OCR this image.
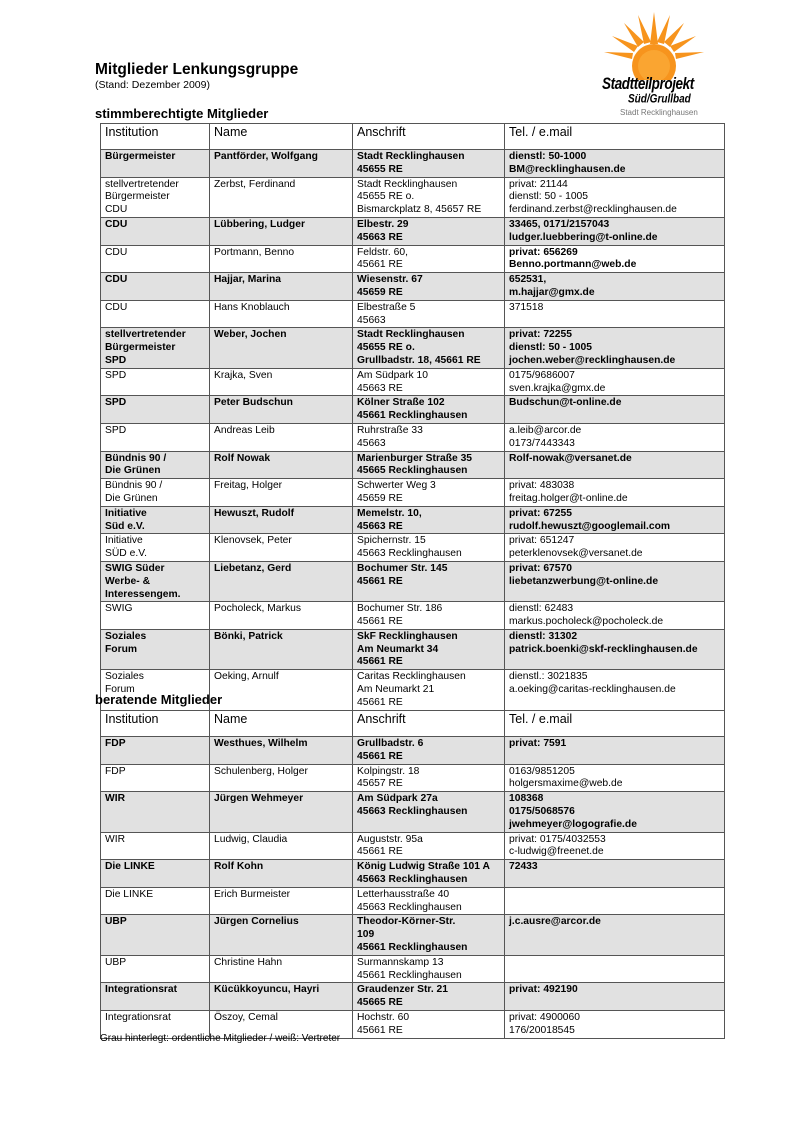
Mitglieder Lenkungsgruppe
(Stand: Dezember 2009)	Stadtteilprojekt
Süd/Grullbad
Stadt Recklinghausen
stimmberechtigte Mitglieder
Institution	Name	Anschrift	Tel. / e.mail
Bürgermeister	Pantförder, Wolfgang	Stadt Recklinghausen
45655 RE	dienstl: 50-1000
BM@recklinghausen.de
stellvertretender
Bürgermeister
CDU	Zerbst, Ferdinand	Stadt Recklinghausen
45655 RE o.
Bismarckplatz 8, 45657 RE	privat: 21144
dienstl: 50 - 1005
ferdinand.zerbst@recklinghausen.de
CDU	Lübbering, Ludger	Elbestr. 29
45663 RE	33465, 0171/2157043
ludger.luebbering@t-online.de
CDU	Portmann, Benno	Feldstr. 60,
45661 RE	privat: 656269
Benno.portmann@web.de
CDU	Hajjar, Marina	Wiesenstr. 67
45659 RE	652531,
m.hajjar@gmx.de
CDU	Hans Knoblauch	Elbestraße 5
45663	371518
stellvertretender
Bürgermeister
SPD	Weber, Jochen	Stadt Recklinghausen
45655 RE o.
Grullbadstr. 18, 45661 RE	privat: 72255
dienstl: 50 - 1005
jochen.weber@recklinghausen.de
SPD	Krajka, Sven	Am Südpark 10
45663 RE	0175/9686007
sven.krajka@gmx.de
SPD	Peter Budschun	Kölner Straße 102
45661 Recklinghausen	Budschun@t-online.de
SPD	Andreas Leib	Ruhrstraße 33
45663	a.leib@arcor.de
0173/7443343
Bündnis 90 /
Die Grünen	Rolf Nowak	Marienburger Straße 35
45665 Recklinghausen	Rolf-nowak@versanet.de
Bündnis 90 /
Die Grünen	Freitag, Holger	Schwerter Weg 3
45659 RE	privat: 483038
freitag.holger@t-online.de
Initiative
Süd e.V.	Hewuszt, Rudolf	Memelstr. 10,
45663 RE	privat: 67255
rudolf.hewuszt@googlemail.com
Initiative
SÜD e.V.	Klenovsek, Peter	Spichernstr. 15
45663 Recklinghausen	privat: 651247
peterklenovsek@versanet.de
SWIG Süder
Werbe- &
Interessengem.	Liebetanz, Gerd	Bochumer Str. 145
45661 RE	privat: 67570
liebetanzwerbung@t-online.de
SWIG	Pocholeck, Markus	Bochumer Str. 186
45661 RE	dienstl: 62483
markus.pocholeck@pocholeck.de
Soziales
Forum	Bönki, Patrick	SkF Recklinghausen
Am Neumarkt 34
45661 RE	dienstl: 31302
patrick.boenki@skf-recklinghausen.de
Soziales
Forum	Oeking, Arnulf	Caritas Recklinghausen
Am Neumarkt 21
45661 RE	dienstl.: 3021835
a.oeking@caritas-recklinghausen.de
beratende Mitglieder
Institution	Name	Anschrift	Tel. / e.mail
FDP	Westhues, Wilhelm	Grullbadstr. 6
45661 RE	privat: 7591
FDP	Schulenberg, Holger	Kolpingstr. 18
45657 RE	0163/9851205
holgersmaxime@web.de
WIR	Jürgen Wehmeyer	Am Südpark 27a
45663 Recklinghausen	108368
0175/5068576
jwehmeyer@logografie.de
WIR	Ludwig, Claudia	Auguststr. 95a
45661 RE	privat: 0175/4032553
c-ludwig@freenet.de
Die LINKE	Rolf Kohn	König Ludwig Straße 101 A
45663 Recklinghausen	72433
Die LINKE	Erich Burmeister	Letterhausstraße 40
45663 Recklinghausen	
UBP	Jürgen Cornelius	Theodor-Körner-Str.
109
45661 Recklinghausen	j.c.ausre@arcor.de
UBP	Christine Hahn	Surmannskamp 13
45661 Recklinghausen	
Integrationsrat	Kücükkoyuncu, Hayri	Graudenzer Str. 21
45665 RE	privat: 492190
Integrationsrat	Öszoy, Cemal	Hochstr. 60
45661 RE	privat: 4900060
176/20018545
Grau hinterlegt: ordentliche Mitglieder / weiß: Vertreter
